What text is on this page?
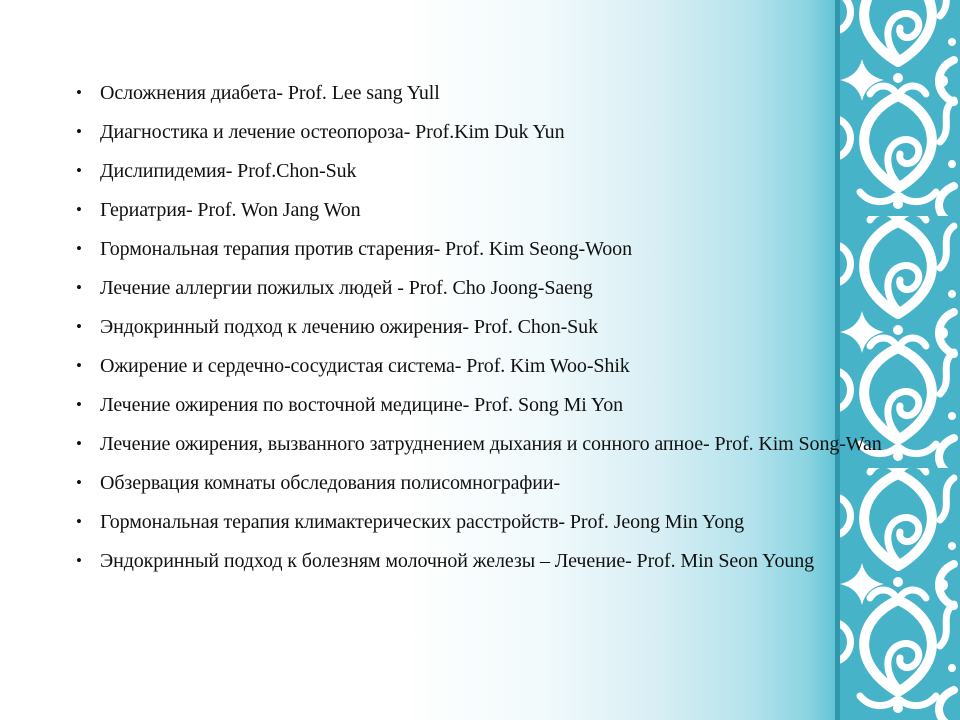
• Осложнения диабета- Prof. Lee sang Yull
• Диагностика и лечение остеопороза- Prof.Kim Duk Yun
• Дислипидемия- Prof.Chon-Suk
• Гериатрия- Prof. Won Jang Won
• Гормональная терапия против старения- Prof. Kim Seong-Woon
• Лечение аллергии пожилых людей - Prof. Cho Joong-Saeng
• Эндокринный подход к лечению ожирения- Prof. Chon-Suk
• Ожирение и сердечно-сосудистая система- Prof. Kim Woo-Shik
• Лечение ожирения по восточной медицине- Prof. Song Mi Yon
• Лечение ожирения, вызванного затруднением дыхания и сонного апное- Prof. Kim Song-Wan
• Обзервация комнаты обследования полисомнографии-
• Гормональная терапия климактерических расстройств- Prof. Jeong Min Yong
• Эндокринный подход к болезням молочной железы – Лечение- Prof. Min Seon Young
